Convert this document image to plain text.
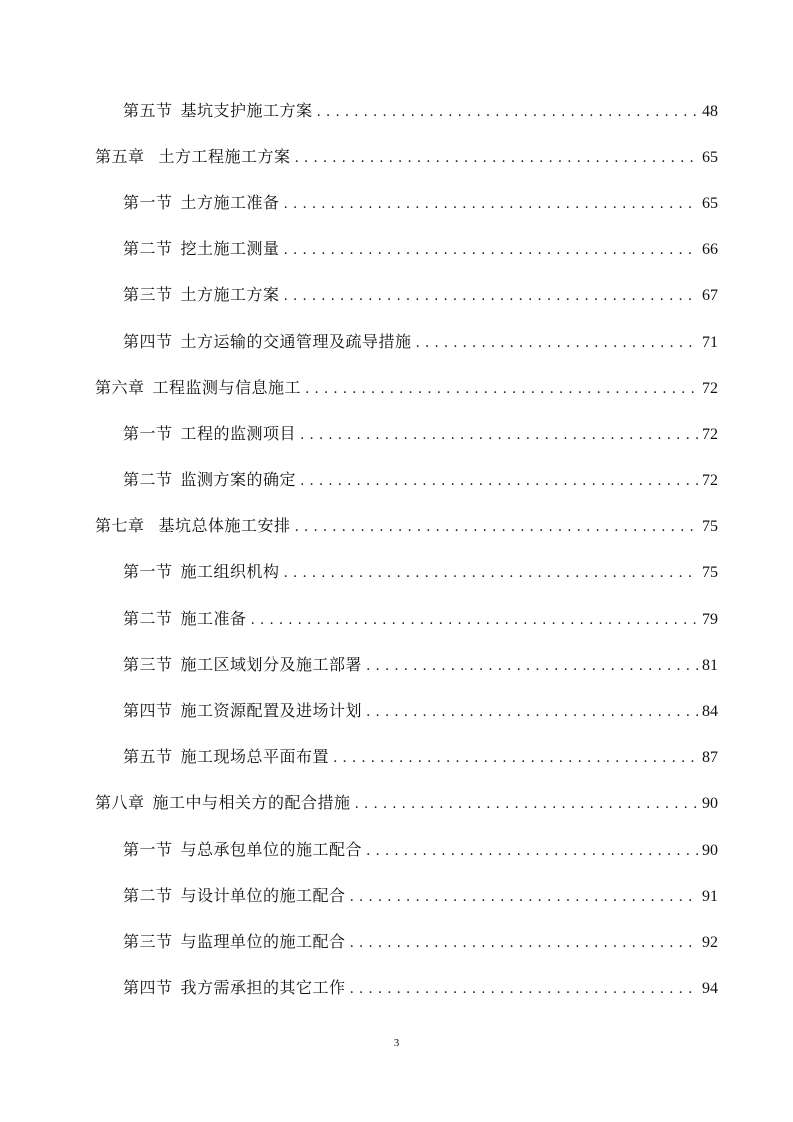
第五节 基坑支护施工方案 . . .	48
第五章 土方工程施工方案 . . .	65
第一节 土方施工准备 . . .	65
第二节 挖土施工测量 . . .	66
第三节 土方施工方案 . . .	67
第四节 土方运输的交通管理及疏导措施 . . .	71
第六章 工程监测与信息施工 . . .	72
第一节 工程的监测项目 . . .	72
第二节 监测方案的确定 . . .	72
第七章 基坑总体施工安排 . . .	75
第一节 施工组织机构 . . .	75
第二节 施工准备 . . .	79
第三节 施工区域划分及施工部署 . . .	81
第四节 施工资源配置及进场计划 . . .	84
第五节 施工现场总平面布置 . . .	87
第八章 施工中与相关方的配合措施 . . .	90
第一节 与总承包单位的施工配合 . . .	90
第二节 与设计单位的施工配合 . . .	91
第三节 与监理单位的施工配合 . . .	92
第四节 我方需承担的其它工作 . . .	94
3
